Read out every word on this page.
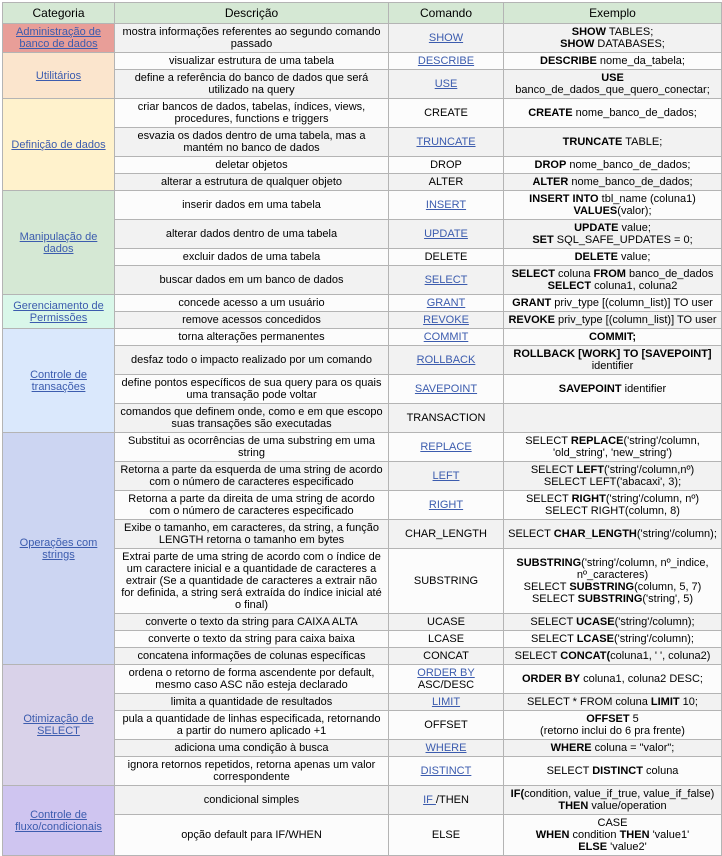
Categoria	Descrição	Comando	Exemplo
Administração de banco de dados	mostra informações referentes ao segundo comando passado	SHOW	SHOW TABLES;
SHOW DATABASES;
Utilitários	visualizar estrutura de uma tabela	DESCRIBE	DESCRIBE nome_da_tabela;
	define a referência do banco de dados que será utilizado na query	USE	USE
banco_de_dados_que_quero_conectar;
Definição de dados	criar bancos de dados, tabelas, índices, views, procedures, functions e triggers	CREATE	CREATE nome_banco_de_dados;
	esvazia os dados dentro de uma tabela, mas a mantém no banco de dados	TRUNCATE	TRUNCATE TABLE;
	deletar objetos	DROP	DROP nome_banco_de_dados;
	alterar a estrutura de qualquer objeto	ALTER	ALTER nome_banco_de_dados;
Manipulação de dados	inserir dados em uma tabela	INSERT	INSERT INTO tbl_name (coluna1)
VALUES(valor);
	alterar dados dentro de uma tabela	UPDATE	UPDATE value;
SET SQL_SAFE_UPDATES = 0;
	excluir dados de uma tabela	DELETE	DELETE value;
	buscar dados em um banco de dados	SELECT	SELECT coluna FROM banco_de_dados
SELECT coluna1, coluna2
Gerenciamento de Permissões	concede acesso a um usuário	GRANT	GRANT priv_type [(column_list)] TO user
	remove acessos concedidos	REVOKE	REVOKE priv_type [(column_list)] TO user
Controle de transações	torna alterações permanentes	COMMIT	COMMIT;
	desfaz todo o impacto realizado por um comando	ROLLBACK	ROLLBACK [WORK] TO [SAVEPOINT]
identifier
	define pontos específicos de sua query para os quais uma transação pode voltar	SAVEPOINT	SAVEPOINT identifier
	comandos que definem onde, como e em que escopo suas transações são executadas	TRANSACTION	
Operações com strings	Substitui as ocorrências de uma substring em uma string	REPLACE	SELECT REPLACE('string'/column,
'old_string', 'new_string')
	Retorna a parte da esquerda de uma string de acordo com o número de caracteres especificado	LEFT	SELECT LEFT('string'/column,nº)
SELECT LEFT('abacaxi', 3);
	Retorna a parte da direita de uma string de acordo com o número de caracteres especificado	RIGHT	SELECT RIGHT('string'/column, nº)
SELECT RIGHT(column, 8)
	Exibe o tamanho, em caracteres, da string, a função LENGTH retorna o tamanho em bytes	CHAR_LENGTH	SELECT CHAR_LENGTH('string'/column);
Extrai parte de uma string de acordo com o índice de um caractere inicial e a quantidade de caracteres a extrair (Se a quantidade de caracteres a extrair não for definida, a string será extraída do índice inicial até o final)	SUBSTRING	SUBSTRING('string'/column, nº_indice,
nº_caracteres)
SELECT SUBSTRING(column, 5, 7)
SELECT SUBSTRING('string', 5)
	converte o texto da string para CAIXA ALTA	UCASE	SELECT UCASE('string'/column);
	converte o texto da string para caixa baixa	LCASE	SELECT LCASE('string'/column);
	concatena informações de colunas específicas	CONCAT	SELECT CONCAT(coluna1, ' ', coluna2)
Otimização de SELECT	ordena o retorno de forma ascendente por default, mesmo caso ASC não esteja declarado	ORDER BY
ASC/DESC	ORDER BY coluna1, coluna2 DESC;
	limita a quantidade de resultados	LIMIT	SELECT * FROM coluna LIMIT 10;
	pula a quantidade de linhas especificada, retornando a partir do numero aplicado +1	OFFSET	OFFSET 5
(retorno inclui do 6 pra frente)
	adiciona uma condição à busca	WHERE	WHERE coluna = "valor";
	ignora retornos repetidos, retorna apenas um valor correspondente	DISTINCT	SELECT DISTINCT coluna
Controle de fluxo/condicionais	condicional simples	IF /THEN	IF(condition, value_if_true, value_if_false)
THEN value/operation
	opção default para IF/WHEN	ELSE	CASE
WHEN condition THEN 'value1'
ELSE 'value2'
